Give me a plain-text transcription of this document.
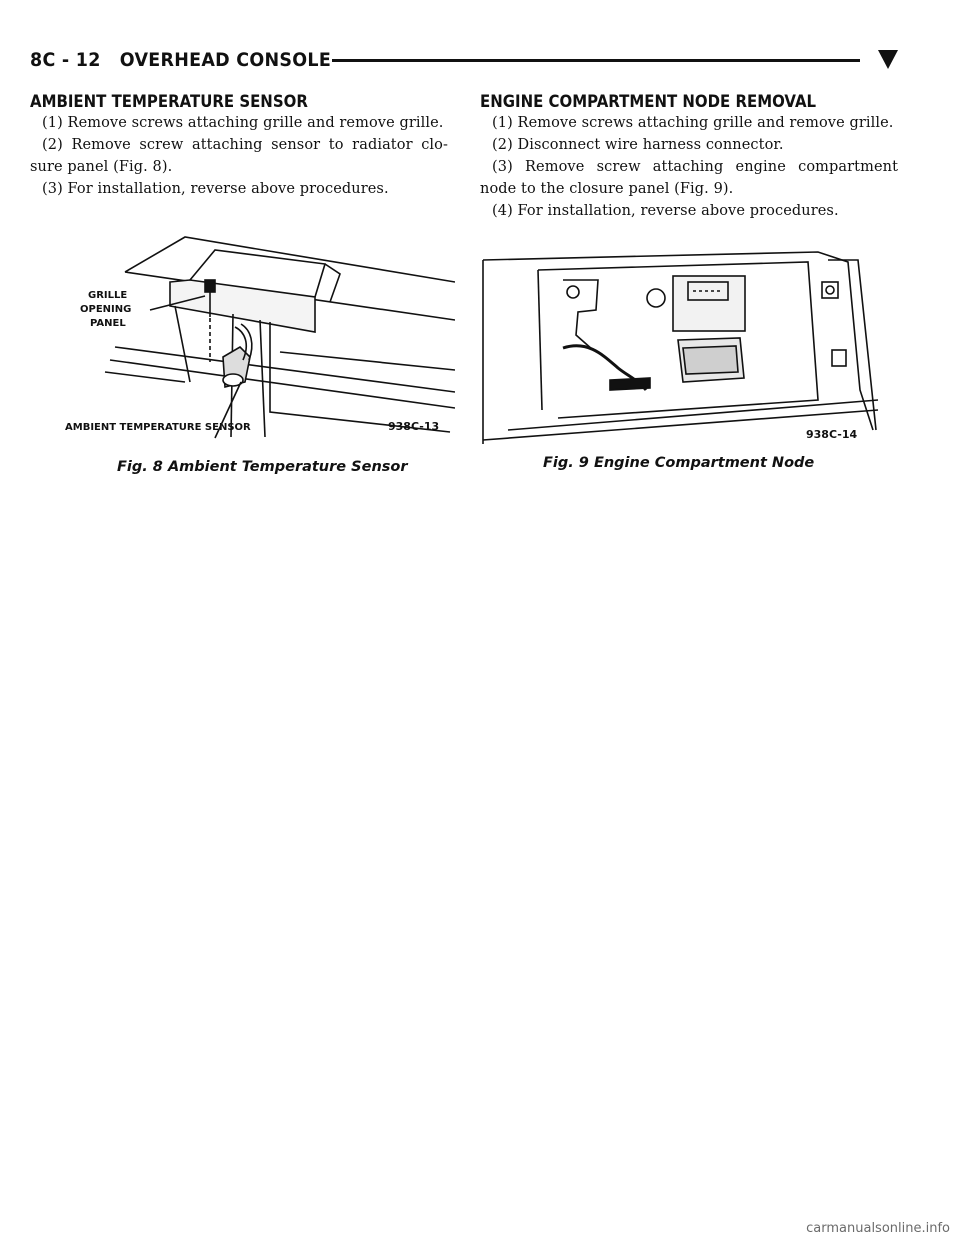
8C - 12 OVERHEAD CONSOLE
AMBIENT TEMPERATURE SENSOR

(1) Remove screws attaching grille and remove grille.

(2) Remove screw attaching sensor to radiator clo- sure panel (Fig. 8).

(3) For installation, reverse above procedures.

ENGINE COMPARTMENT NODE REMOVAL

(1) Remove screws attaching grille and remove grille.

(2) Disconnect wire harness connector.

(3) Remove screw attaching engine compartment node to the closure panel (Fig. 9).

(4) For installation, reverse above procedures.

GRILLE
OPENING
PANEL
AMBIENT TEMPERATURE SENSOR	938C-13
Fig. 8 Ambient Temperature Sensor
938C-14
Fig. 9 Engine Compartment Node
carmanualsonline.info
